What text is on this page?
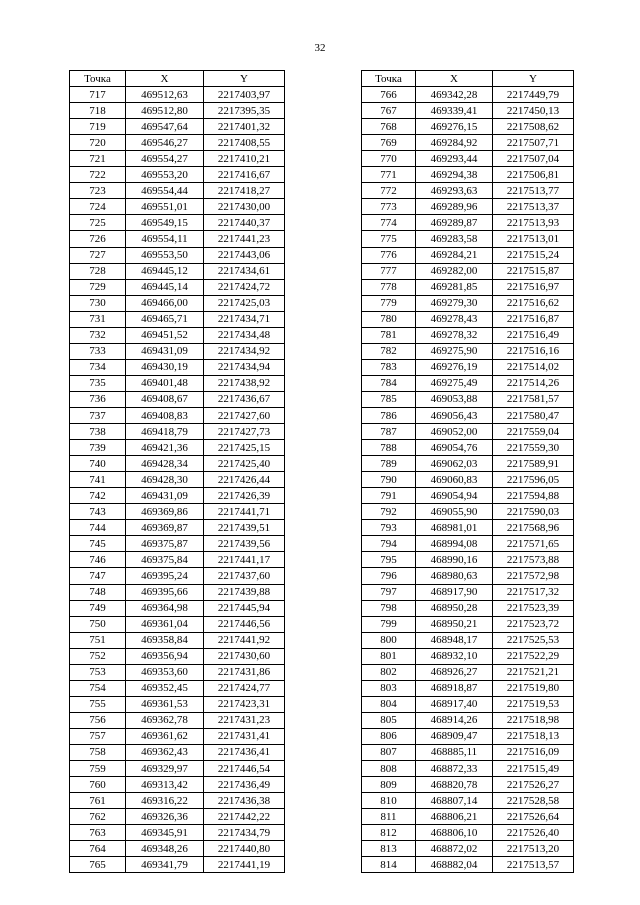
32
Точка	X	Y
717	469512,63	2217403,97
718	469512,80	2217395,35
719	469547,64	2217401,32
720	469546,27	2217408,55
721	469554,27	2217410,21
722	469553,20	2217416,67
723	469554,44	2217418,27
724	469551,01	2217430,00
725	469549,15	2217440,37
726	469554,11	2217441,23
727	469553,50	2217443,06
728	469445,12	2217434,61
729	469445,14	2217424,72
730	469466,00	2217425,03
731	469465,71	2217434,71
732	469451,52	2217434,48
733	469431,09	2217434,92
734	469430,19	2217434,94
735	469401,48	2217438,92
736	469408,67	2217436,67
737	469408,83	2217427,60
738	469418,79	2217427,73
739	469421,36	2217425,15
740	469428,34	2217425,40
741	469428,30	2217426,44
742	469431,09	2217426,39
743	469369,86	2217441,71
744	469369,87	2217439,51
745	469375,87	2217439,56
746	469375,84	2217441,17
747	469395,24	2217437,60
748	469395,66	2217439,88
749	469364,98	2217445,94
750	469361,04	2217446,56
751	469358,84	2217441,92
752	469356,94	2217430,60
753	469353,60	2217431,86
754	469352,45	2217424,77
755	469361,53	2217423,31
756	469362,78	2217431,23
757	469361,62	2217431,41
758	469362,43	2217436,41
759	469329,97	2217446,54
760	469313,42	2217436,49
761	469316,22	2217436,38
762	469326,36	2217442,22
763	469345,91	2217434,79
764	469348,26	2217440,80
765	469341,79	2217441,19
Точка	X	Y
766	469342,28	2217449,79
767	469339,41	2217450,13
768	469276,15	2217508,62
769	469284,92	2217507,71
770	469293,44	2217507,04
771	469294,38	2217506,81
772	469293,63	2217513,77
773	469289,96	2217513,37
774	469289,87	2217513,93
775	469283,58	2217513,01
776	469284,21	2217515,24
777	469282,00	2217515,87
778	469281,85	2217516,97
779	469279,30	2217516,62
780	469278,43	2217516,87
781	469278,32	2217516,49
782	469275,90	2217516,16
783	469276,19	2217514,02
784	469275,49	2217514,26
785	469053,88	2217581,57
786	469056,43	2217580,47
787	469052,00	2217559,04
788	469054,76	2217559,30
789	469062,03	2217589,91
790	469060,83	2217596,05
791	469054,94	2217594,88
792	469055,90	2217590,03
793	468981,01	2217568,96
794	468994,08	2217571,65
795	468990,16	2217573,88
796	468980,63	2217572,98
797	468917,90	2217517,32
798	468950,28	2217523,39
799	468950,21	2217523,72
800	468948,17	2217525,53
801	468932,10	2217522,29
802	468926,27	2217521,21
803	468918,87	2217519,80
804	468917,40	2217519,53
805	468914,26	2217518,98
806	468909,47	2217518,13
807	468885,11	2217516,09
808	468872,33	2217515,49
809	468820,78	2217526,27
810	468807,14	2217528,58
811	468806,21	2217526,64
812	468806,10	2217526,40
813	468872,02	2217513,20
814	468882,04	2217513,57
